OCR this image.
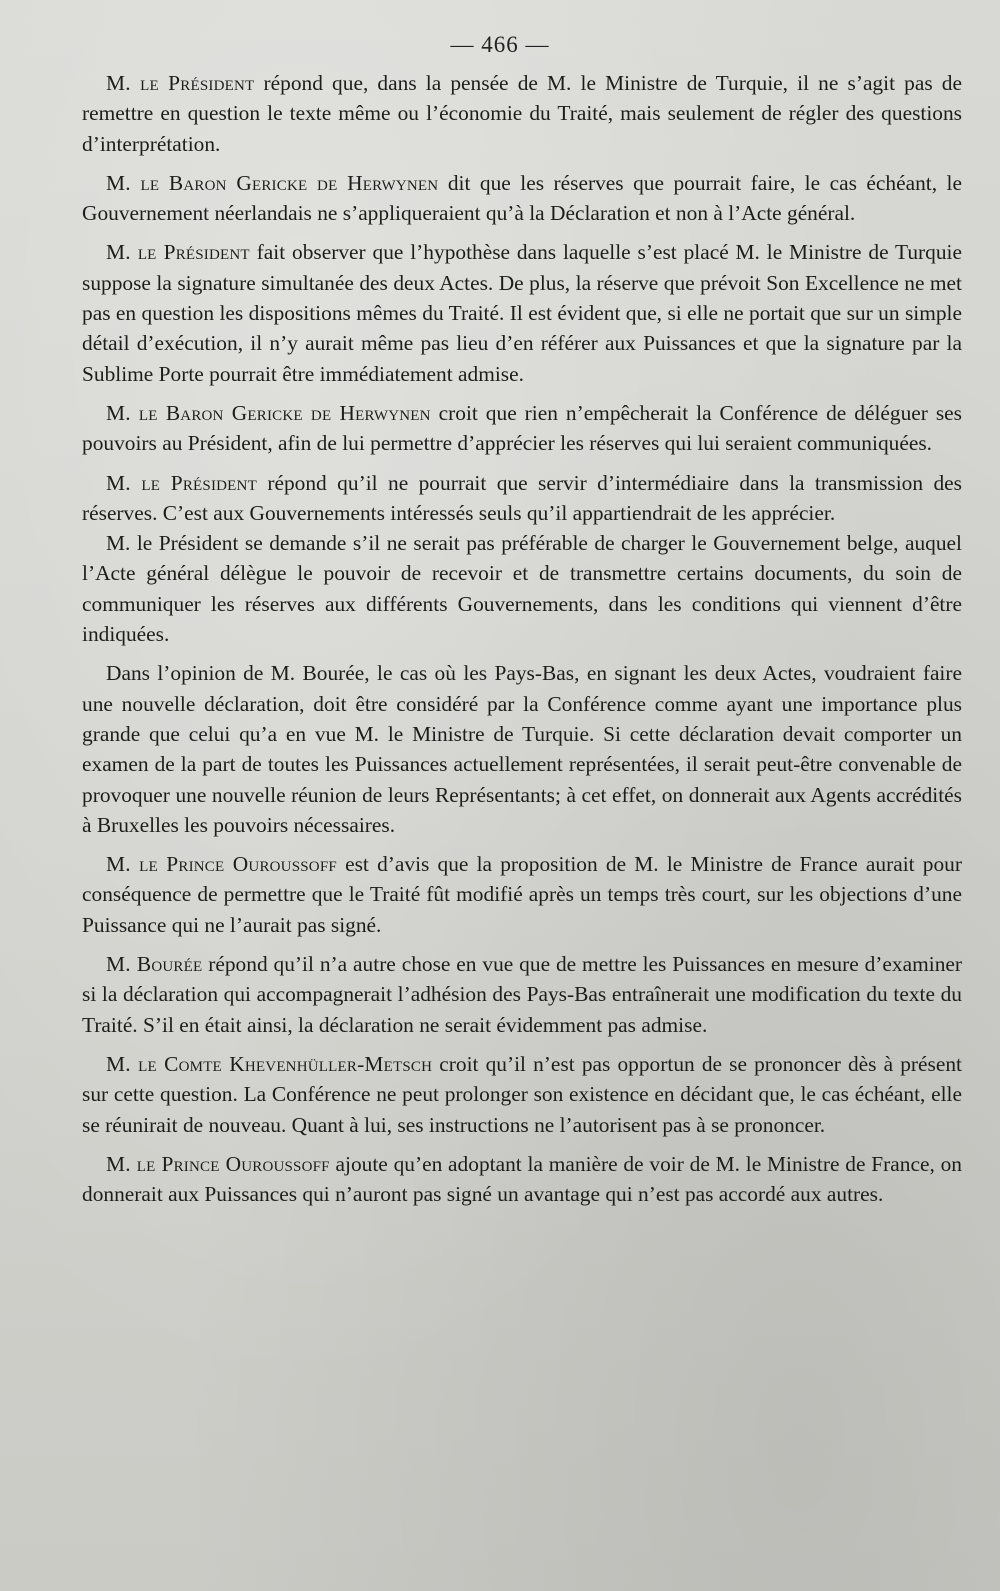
— 466 —

M. le Président répond que, dans la pensée de M. le Ministre de Turquie, il ne s’agit pas de remettre en question le texte même ou l’économie du Traité, mais seulement de régler des questions d’interprétation.

M. le Baron Gericke de Herwynen dit que les réserves que pourrait faire, le cas échéant, le Gouvernement néerlandais ne s’appliqueraient qu’à la Déclaration et non à l’Acte général.

M. le Président fait observer que l’hypothèse dans laquelle s’est placé M. le Ministre de Turquie suppose la signature simultanée des deux Actes. De plus, la réserve que prévoit Son Excellence ne met pas en question les dispositions mêmes du Traité. Il est évident que, si elle ne portait que sur un simple détail d’exécution, il n’y aurait même pas lieu d’en référer aux Puissances et que la signature par la Sublime Porte pourrait être immédiatement admise.

M. le Baron Gericke de Herwynen croit que rien n’empêcherait la Conférence de déléguer ses pouvoirs au Président, afin de lui permettre d’apprécier les réserves qui lui seraient communiquées.

M. le Président répond qu’il ne pourrait que servir d’intermédiaire dans la transmission des réserves. C’est aux Gouvernements intéressés seuls qu’il appartiendrait de les apprécier.

M. le Président se demande s’il ne serait pas préférable de charger le Gouvernement belge, auquel l’Acte général délègue le pouvoir de recevoir et de transmettre certains documents, du soin de communiquer les réserves aux différents Gouvernements, dans les conditions qui viennent d’être indiquées.

Dans l’opinion de M. Bourée, le cas où les Pays-Bas, en signant les deux Actes, voudraient faire une nouvelle déclaration, doit être considéré par la Conférence comme ayant une importance plus grande que celui qu’a en vue M. le Ministre de Turquie. Si cette déclaration devait comporter un examen de la part de toutes les Puissances actuellement représentées, il serait peut-être convenable de provoquer une nouvelle réunion de leurs Représentants; à cet effet, on donnerait aux Agents accrédités à Bruxelles les pouvoirs nécessaires.

M. le Prince Ouroussoff est d’avis que la proposition de M. le Ministre de France aurait pour conséquence de permettre que le Traité fût modifié après un temps très court, sur les objections d’une Puissance qui ne l’aurait pas signé.

M. Bourée répond qu’il n’a autre chose en vue que de mettre les Puissances en mesure d’examiner si la déclaration qui accompagnerait l’adhésion des Pays-Bas entraînerait une modification du texte du Traité. S’il en était ainsi, la déclaration ne serait évidemment pas admise.

M. le Comte Khevenhüller-Metsch croit qu’il n’est pas opportun de se prononcer dès à présent sur cette question. La Conférence ne peut prolonger son existence en décidant que, le cas échéant, elle se réunirait de nouveau. Quant à lui, ses instructions ne l’autorisent pas à se prononcer.

M. le Prince Ouroussoff ajoute qu’en adoptant la manière de voir de M. le Ministre de France, on donnerait aux Puissances qui n’auront pas signé un avantage qui n’est pas accordé aux autres.
